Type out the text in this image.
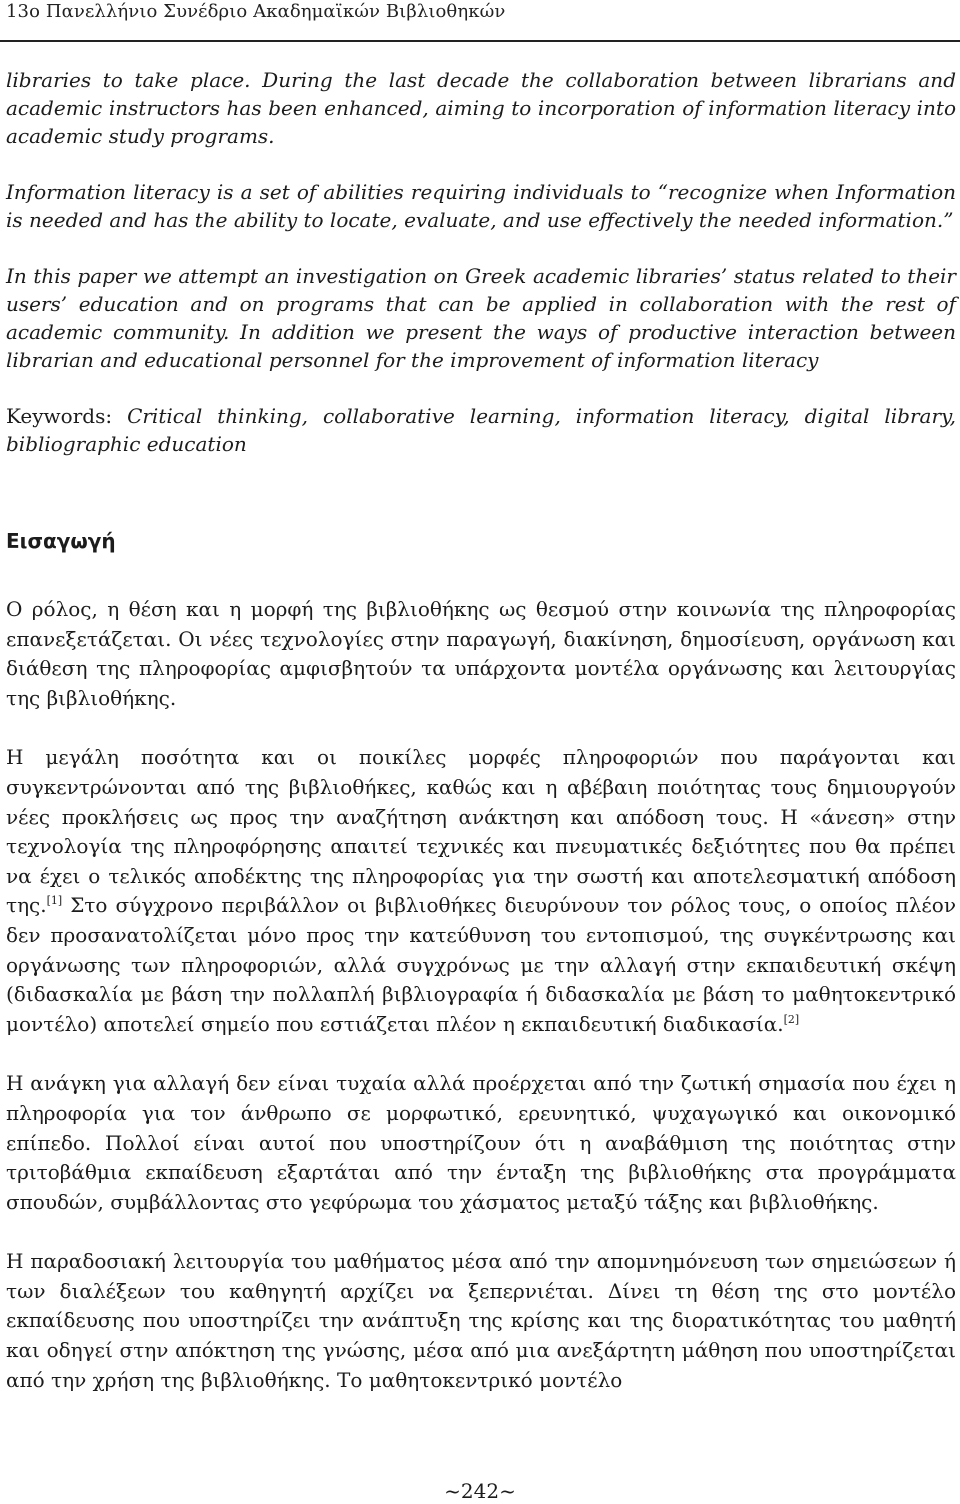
13ο Πανελλήνιο Συνέδριο Ακαδημαϊκών Βιβλιοθηκών

libraries to take place. During the last decade the collaboration between librarians and academic instructors has been enhanced, aiming to incorporation of information literacy into academic study programs.

Information literacy is a set of abilities requiring individuals to “recognize when Information is needed and has the ability to locate, evaluate, and use effectively the needed information.”

In this paper we attempt an investigation on Greek academic libraries’ status related to their users’ education and on programs that can be applied in collaboration with the rest of academic community. In addition we present the ways of productive interaction between librarian and educational personnel for the improvement of information literacy

Keywords: Critical thinking, collaborative learning, information literacy, digital library, bibliographic education

Εισαγωγή

Ο ρόλος, η θέση και η μορφή της βιβλιοθήκης ως θεσμού στην κοινωνία της πληροφορίας επανεξετάζεται. Οι νέες τεχνολογίες στην παραγωγή, διακίνηση, δημοσίευση, οργάνωση και διάθεση της πληροφορίας αμφισβητούν τα υπάρχοντα μοντέλα οργάνωσης και λειτουργίας της βιβλιοθήκης.

Η μεγάλη ποσότητα και οι ποικίλες μορφές πληροφοριών που παράγονται και συγκεντρώνονται από της βιβλιοθήκες, καθώς και η αβέβαιη ποιότητας τους δημιουργούν νέες προκλήσεις ως προς την αναζήτηση ανάκτηση και απόδοση τους. Η «άνεση» στην τεχνολογία της πληροφόρησης απαιτεί τεχνικές και πνευματικές δεξιότητες που θα πρέπει να έχει ο τελικός αποδέκτης της πληροφορίας για την σωστή και αποτελεσματική απόδοση της.[1] Στο σύγχρονο περιβάλλον οι βιβλιοθήκες διευρύνουν τον ρόλος τους, ο οποίος πλέον δεν προσανατολίζεται μόνο προς την κατεύθυνση του εντοπισμού, της συγκέντρωσης και οργάνωσης των πληροφοριών, αλλά συγχρόνως με την αλλαγή στην εκπαιδευτική σκέψη (διδασκαλία με βάση την πολλαπλή βιβλιογραφία ή διδασκαλία με βάση το μαθητοκεντρικό μοντέλο) αποτελεί σημείο που εστιάζεται πλέον η εκπαιδευτική διαδικασία.[2]

Η ανάγκη για αλλαγή δεν είναι τυχαία αλλά προέρχεται από την ζωτική σημασία που έχει η πληροφορία για τον άνθρωπο σε μορφωτικό, ερευνητικό, ψυχαγωγικό και οικονομικό επίπεδο. Πολλοί είναι αυτοί που υποστηρίζουν ότι η αναβάθμιση της ποιότητας στην τριτοβάθμια εκπαίδευση εξαρτάται από την ένταξη της βιβλιοθήκης στα προγράμματα σπουδών, συμβάλλοντας στο γεφύρωμα του χάσματος μεταξύ τάξης και βιβλιοθήκης.

Η παραδοσιακή λειτουργία του μαθήματος μέσα από την απομνημόνευση των σημειώσεων ή των διαλέξεων του καθηγητή αρχίζει να ξεπερνιέται. Δίνει τη θέση της στο μοντέλο εκπαίδευσης που υποστηρίζει την ανάπτυξη της κρίσης και της διορατικότητας του μαθητή και οδηγεί στην απόκτηση της γνώσης, μέσα από μια ανεξάρτητη μάθηση που υποστηρίζεται από την χρήση της βιβλιοθήκης. Το μαθητοκεντρικό μοντέλο

~242~
